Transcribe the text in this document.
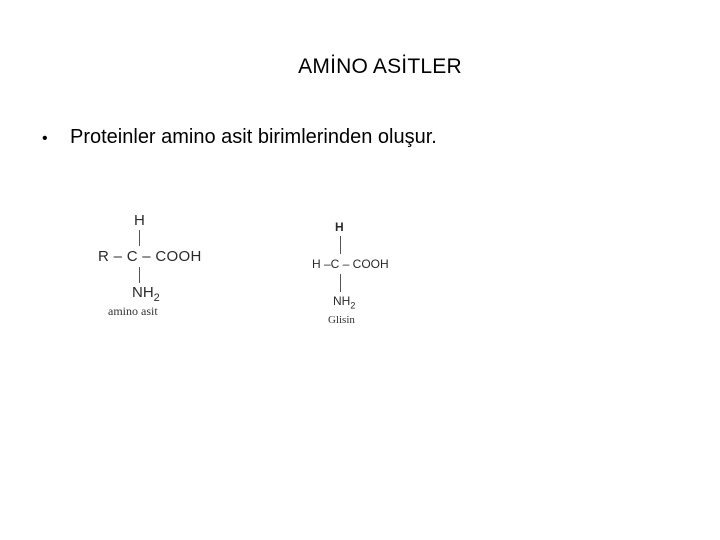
AMİNO ASİTLER
•	Proteinler amino asit birimlerinden oluşur.
H
R – C – COOH
$NH_2$
amino asit
H
H –C – COOH
$NH_2$
Glisin
